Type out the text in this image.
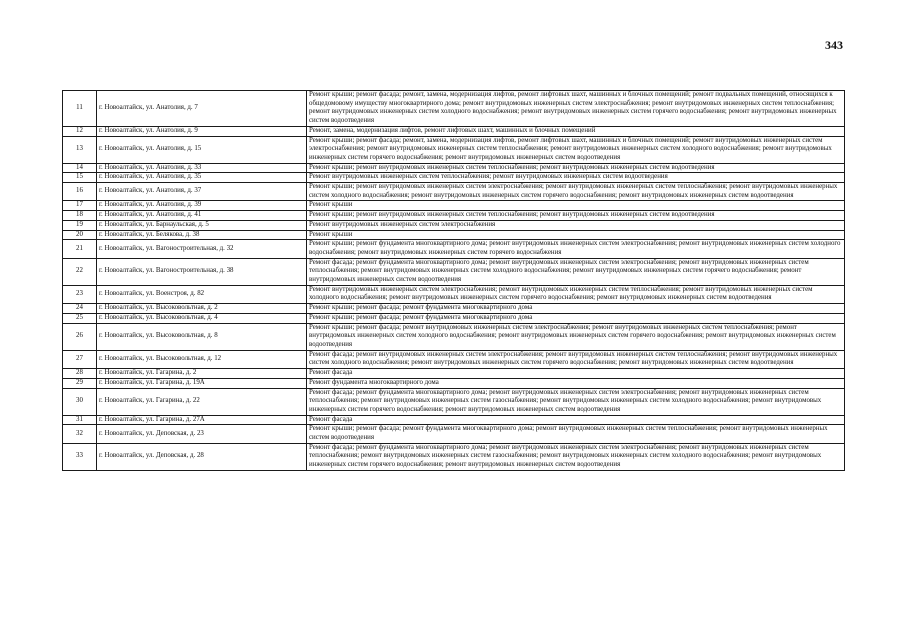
343
11	г. Новоалтайск, ул. Анатолия, д. 7	Ремонт крыши; ремонт фасада; ремонт, замена, модернизация лифтов, ремонт лифтовых шахт, машинных и блочных помещений; ремонт подвальных помещений, относящихся к общедомовому имуществу многоквартирного дома; ремонт внутридомовых инженерных систем электроснабжения; ремонт внутридомовых инженерных систем теплоснабжения; ремонт внутридомовых инженерных систем холодного водоснабжения; ремонт внутридомовых инженерных систем горячего водоснабжения; ремонт внутридомовых инженерных систем водоотведения
12	г. Новоалтайск, ул. Анатолия, д. 9	Ремонт, замена, модернизация лифтов, ремонт лифтовых шахт, машинных и блочных помещений
13	г. Новоалтайск, ул. Анатолия, д. 15	Ремонт крыши; ремонт фасада; ремонт, замена, модернизация лифтов, ремонт лифтовых шахт, машинных и блочных помещений; ремонт внутридомовых инженерных систем электроснабжения; ремонт внутридомовых инженерных систем теплоснабжения; ремонт внутридомовых инженерных систем холодного водоснабжения; ремонт внутридомовых инженерных систем горячего водоснабжения; ремонт внутридомовых инженерных систем водоотведения
14	г. Новоалтайск, ул. Анатолия, д. 33	Ремонт крыши; ремонт внутридомовых инженерных систем теплоснабжения; ремонт внутридомовых инженерных систем водоотведения
15	г. Новоалтайск, ул. Анатолия, д. 35	Ремонт внутридомовых инженерных систем теплоснабжения; ремонт внутридомовых инженерных систем водоотведения
16	г. Новоалтайск, ул. Анатолия, д. 37	Ремонт крыши; ремонт внутридомовых инженерных систем электроснабжения; ремонт внутридомовых инженерных систем теплоснабжения; ремонт внутридомовых инженерных систем холодного водоснабжения; ремонт внутридомовых инженерных систем горячего водоснабжения; ремонт внутридомовых инженерных систем водоотведения
17	г. Новоалтайск, ул. Анатолия, д. 39	Ремонт крыши
18	г. Новоалтайск, ул. Анатолия, д. 41	Ремонт крыши; ремонт внутридомовых инженерных систем теплоснабжения; ремонт внутридомовых инженерных систем водоотведения
19	г. Новоалтайск, ул. Барнаульская, д. 5	Ремонт внутридомовых инженерных систем электроснабжения
20	г. Новоалтайск, ул. Белякова, д. 38	Ремонт крыши
21	г. Новоалтайск, ул. Вагоностроительная, д. 32	Ремонт крыши; ремонт фундамента многоквартирного дома; ремонт внутридомовых инженерных систем электроснабжения; ремонт внутридомовых инженерных систем холодного водоснабжения; ремонт внутридомовых инженерных систем горячего водоснабжения
22	г. Новоалтайск, ул. Вагоностроительная, д. 38	Ремонт фасада; ремонт фундамента многоквартирного дома; ремонт внутридомовых инженерных систем электроснабжения; ремонт внутридомовых инженерных систем теплоснабжения; ремонт внутридомовых инженерных систем холодного водоснабжения; ремонт внутридомовых инженерных систем горячего водоснабжения; ремонт внутридомовых инженерных систем водоотведения
23	г. Новоалтайск, ул. Военстроя, д. 82	Ремонт внутридомовых инженерных систем электроснабжения; ремонт внутридомовых инженерных систем теплоснабжения; ремонт внутридомовых инженерных систем холодного водоснабжения; ремонт внутридомовых инженерных систем горячего водоснабжения; ремонт внутридомовых инженерных систем водоотведения
24	г. Новоалтайск, ул. Высоковольтная, д. 2	Ремонт крыши; ремонт фасада; ремонт фундамента многоквартирного дома
25	г. Новоалтайск, ул. Высоковольтная, д. 4	Ремонт крыши; ремонт фасада; ремонт фундамента многоквартирного дома
26	г. Новоалтайск, ул. Высоковольтная, д. 8	Ремонт крыши; ремонт фасада; ремонт внутридомовых инженерных систем электроснабжения; ремонт внутридомовых инженерных систем теплоснабжения; ремонт внутридомовых инженерных систем холодного водоснабжения; ремонт внутридомовых инженерных систем горячего водоснабжения; ремонт внутридомовых инженерных систем водоотведения
27	г. Новоалтайск, ул. Высоковольтная, д. 12	Ремонт фасада; ремонт внутридомовых инженерных систем электроснабжения; ремонт внутридомовых инженерных систем теплоснабжения; ремонт внутридомовых инженерных систем холодного водоснабжения; ремонт внутридомовых инженерных систем горячего водоснабжения; ремонт внутридомовых инженерных систем водоотведения
28	г. Новоалтайск, ул. Гагарина, д. 2	Ремонт фасада
29	г. Новоалтайск, ул. Гагарина, д. 19А	Ремонт фундамента многоквартирного дома
30	г. Новоалтайск, ул. Гагарина, д. 22	Ремонт фасада; ремонт фундамента многоквартирного дома; ремонт внутридомовых инженерных систем электроснабжения; ремонт внутридомовых инженерных систем теплоснабжения; ремонт внутридомовых инженерных систем газоснабжения; ремонт внутридомовых инженерных систем холодного водоснабжения; ремонт внутридомовых инженерных систем горячего водоснабжения; ремонт внутридомовых инженерных систем водоотведения
31	г. Новоалтайск, ул. Гагарина, д. 27А	Ремонт фасада
32	г. Новоалтайск, ул. Деповская, д. 23	Ремонт крыши; ремонт фасада; ремонт фундамента многоквартирного дома; ремонт внутридомовых инженерных систем теплоснабжения; ремонт внутридомовых инженерных систем водоотведения
33	г. Новоалтайск, ул. Деповская, д. 28	Ремонт фасада; ремонт фундамента многоквартирного дома; ремонт внутридомовых инженерных систем электроснабжения; ремонт внутридомовых инженерных систем теплоснабжения; ремонт внутридомовых инженерных систем газоснабжения; ремонт внутридомовых инженерных систем холодного водоснабжения; ремонт внутридомовых инженерных систем горячего водоснабжения; ремонт внутридомовых инженерных систем водоотведения
